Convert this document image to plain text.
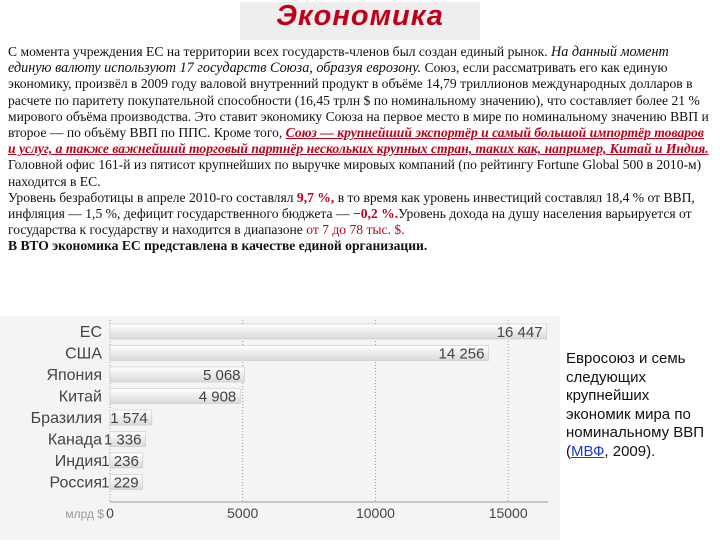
Экономика

С момента учреждения ЕС на территории всех государств-членов был создан единый рынок. На данный момент единую валюту используют 17 государств Союза, образуя еврозону. Союз, если рассматривать его как единую экономику, произвёл в 2009 году валовой внутренний продукт в объёме 14,79 триллионов международных долларов в расчете по паритету покупательной способности (16,45 трлн $ по номинальному значению), что составляет более 21 % мирового объёма производства. Это ставит экономику Союза на первое место в мире по номинальному значению ВВП и второе — по объёму ВВП по ППС. Кроме того, Союз — крупнейший экспортёр и самый большой импортёр товаров и услуг, а также важнейший торговый партнёр нескольких крупных стран, таких как, например, Китай и Индия.

Головной офис 161-й из пятисот крупнейших по выручке мировых компаний (по рейтингу Fortune Global 500 в 2010-м) находится в ЕС.

Уровень безработицы в апреле 2010-го составлял 9,7 %, в то время как уровень инвестиций составлял 18,4 % от ВВП, инфляция — 1,5 %, дефицит государственного бюджета — −0,2 %.Уровень дохода на душу населения варьируется от государства к государству и находится в диапазоне от 7 до 78 тыс. $.

В ВТО экономика ЕС представлена в качестве единой организации.

0	5000	10000	15000
млрд $
ЕС	16 447
США	14 256
Япония	5 068
Китай	4 908
Бразилия 1 574
Канада 1 336
Индия 1 236
Россия 1 229
Евросоюз и семь следующих крупнейших экономик мира по номинальному ВВП (МВФ, 2009).
